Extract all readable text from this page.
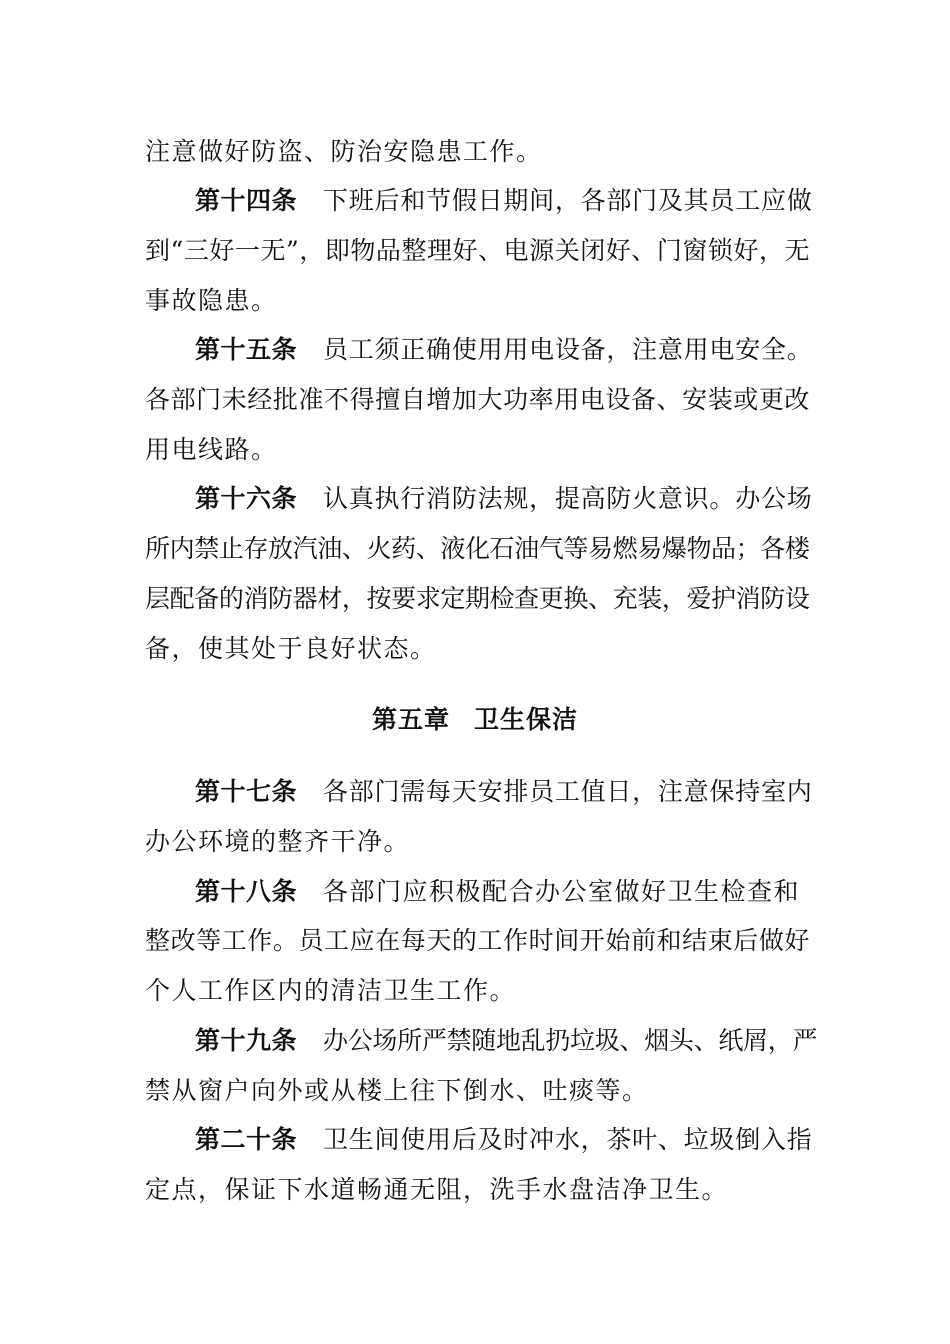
注意做好防盗、防治安隐患工作。
第十四条 下班后和节假日期间，各部门及其员工应做
到“三好一无”，即物品整理好、电源关闭好、门窗锁好，无
事故隐患。
第十五条 员工须正确使用用电设备，注意用电安全。
各部门未经批准不得擅自增加大功率用电设备、安装或更改
用电线路。
第十六条 认真执行消防法规，提高防火意识。办公场
所内禁止存放汽油、火药、液化石油气等易燃易爆物品；各楼
层配备的消防器材，按要求定期检查更换、充装，爱护消防设
备，使其处于良好状态。
第五章 卫生保洁
第十七条 各部门需每天安排员工值日，注意保持室内
办公环境的整齐干净。
第十八条 各部门应积极配合办公室做好卫生检查和
整改等工作。员工应在每天的工作时间开始前和结束后做好
个人工作区内的清洁卫生工作。
第十九条 办公场所严禁随地乱扔垃圾、烟头、纸屑，严
禁从窗户向外或从楼上往下倒水、吐痰等。
第二十条 卫生间使用后及时冲水，茶叶、垃圾倒入指
定点，保证下水道畅通无阻，洗手水盘洁净卫生。
